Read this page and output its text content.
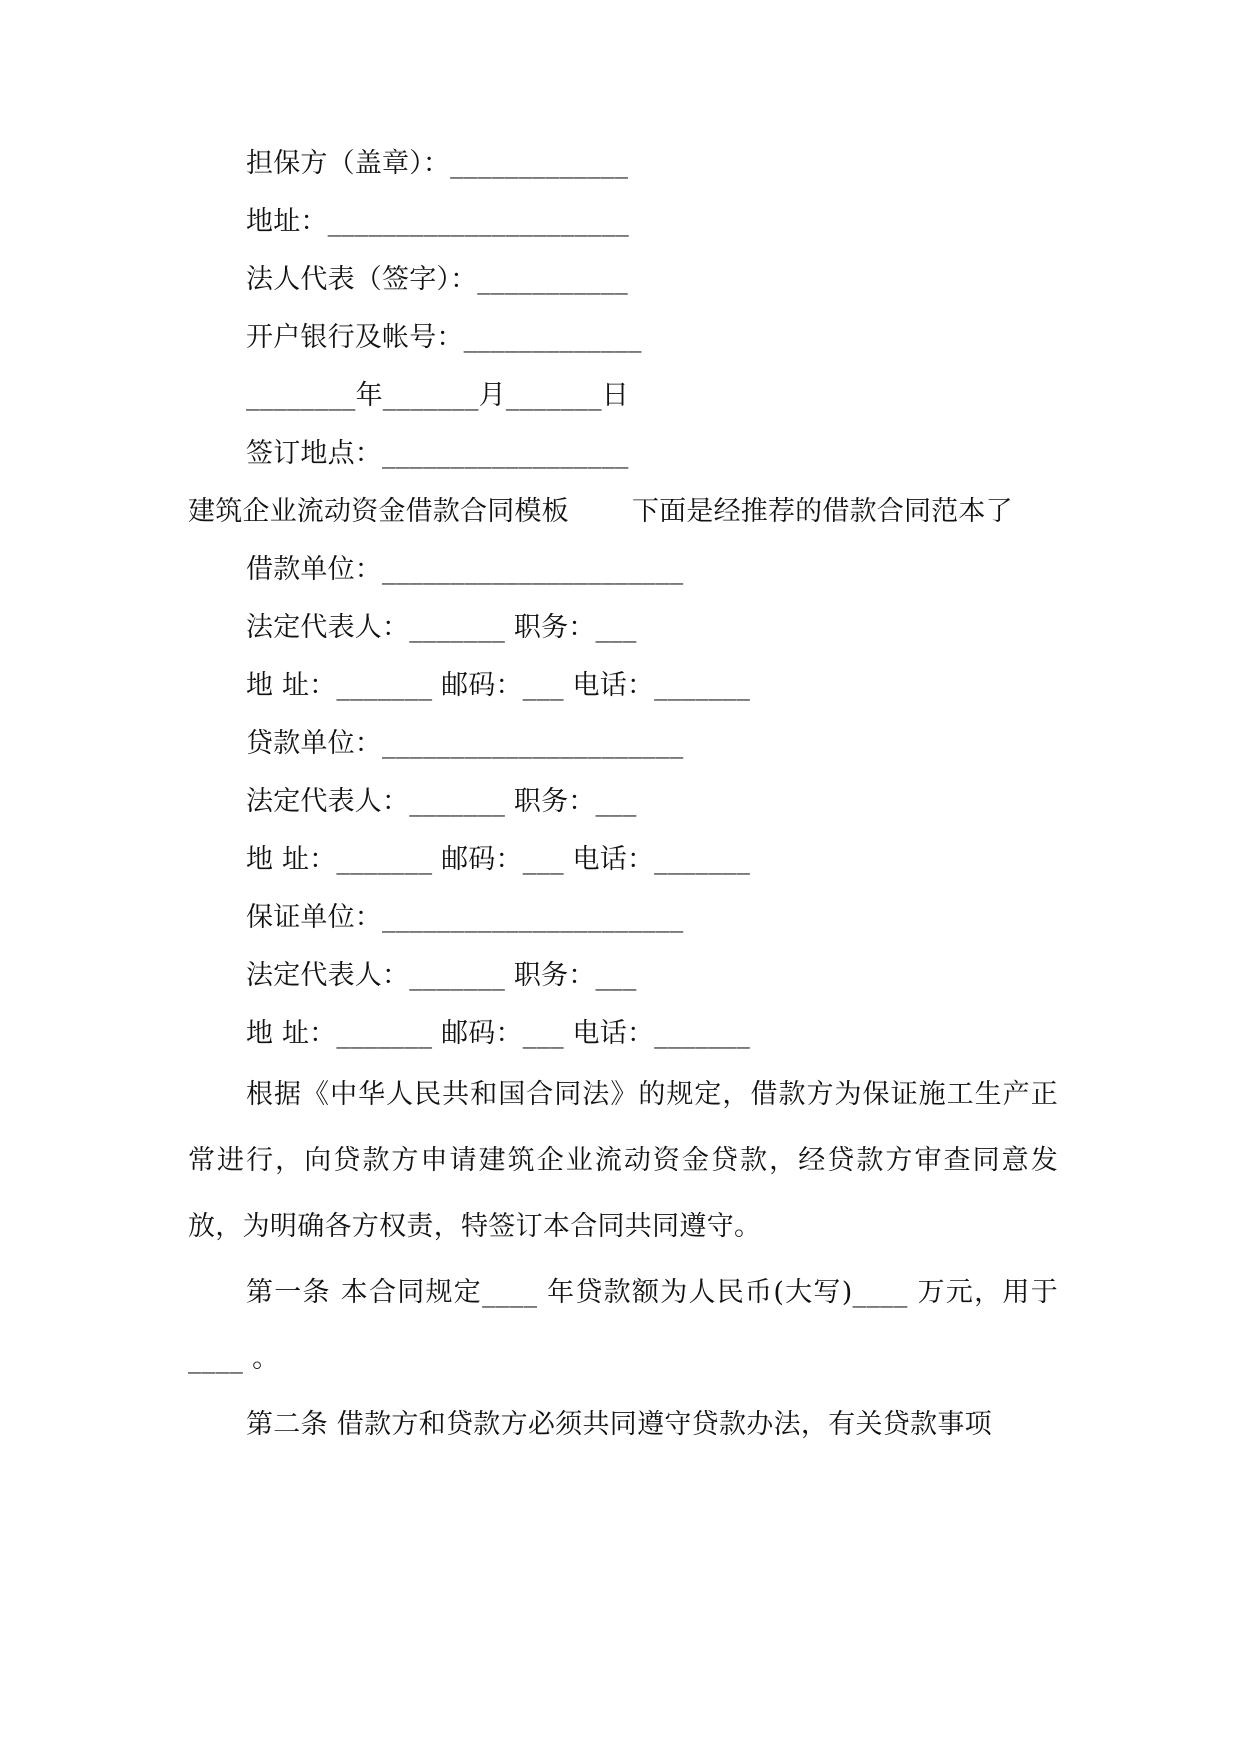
担保方（盖章）：_____________
地址：______________________
法人代表（签字）：___________
开户银行及帐号：_____________
________年_______月_______日
签订地点：__________________
建筑企业流动资金借款合同模板 　　下面是经推荐的借款合同范本了
借款单位：______________________
法定代表人：_______ 职务：___
地 址：_______ 邮码：___ 电话：_______
贷款单位：______________________
法定代表人：_______ 职务：___
地 址：_______ 邮码：___ 电话：_______
保证单位：______________________
法定代表人：_______ 职务：___
地 址：_______ 邮码：___ 电话：_______
根据《中华人民共和国合同法》的规定，借款方为保证施工生产正常进行，向贷款方申请建筑企业流动资金贷款，经贷款方审查同意发放，为明确各方权责，特签订本合同共同遵守。
第一条 本合同规定____ 年贷款额为人民币(大写)____ 万元，用于____ 。
第二条 借款方和贷款方必须共同遵守贷款办法，有关贷款事项
